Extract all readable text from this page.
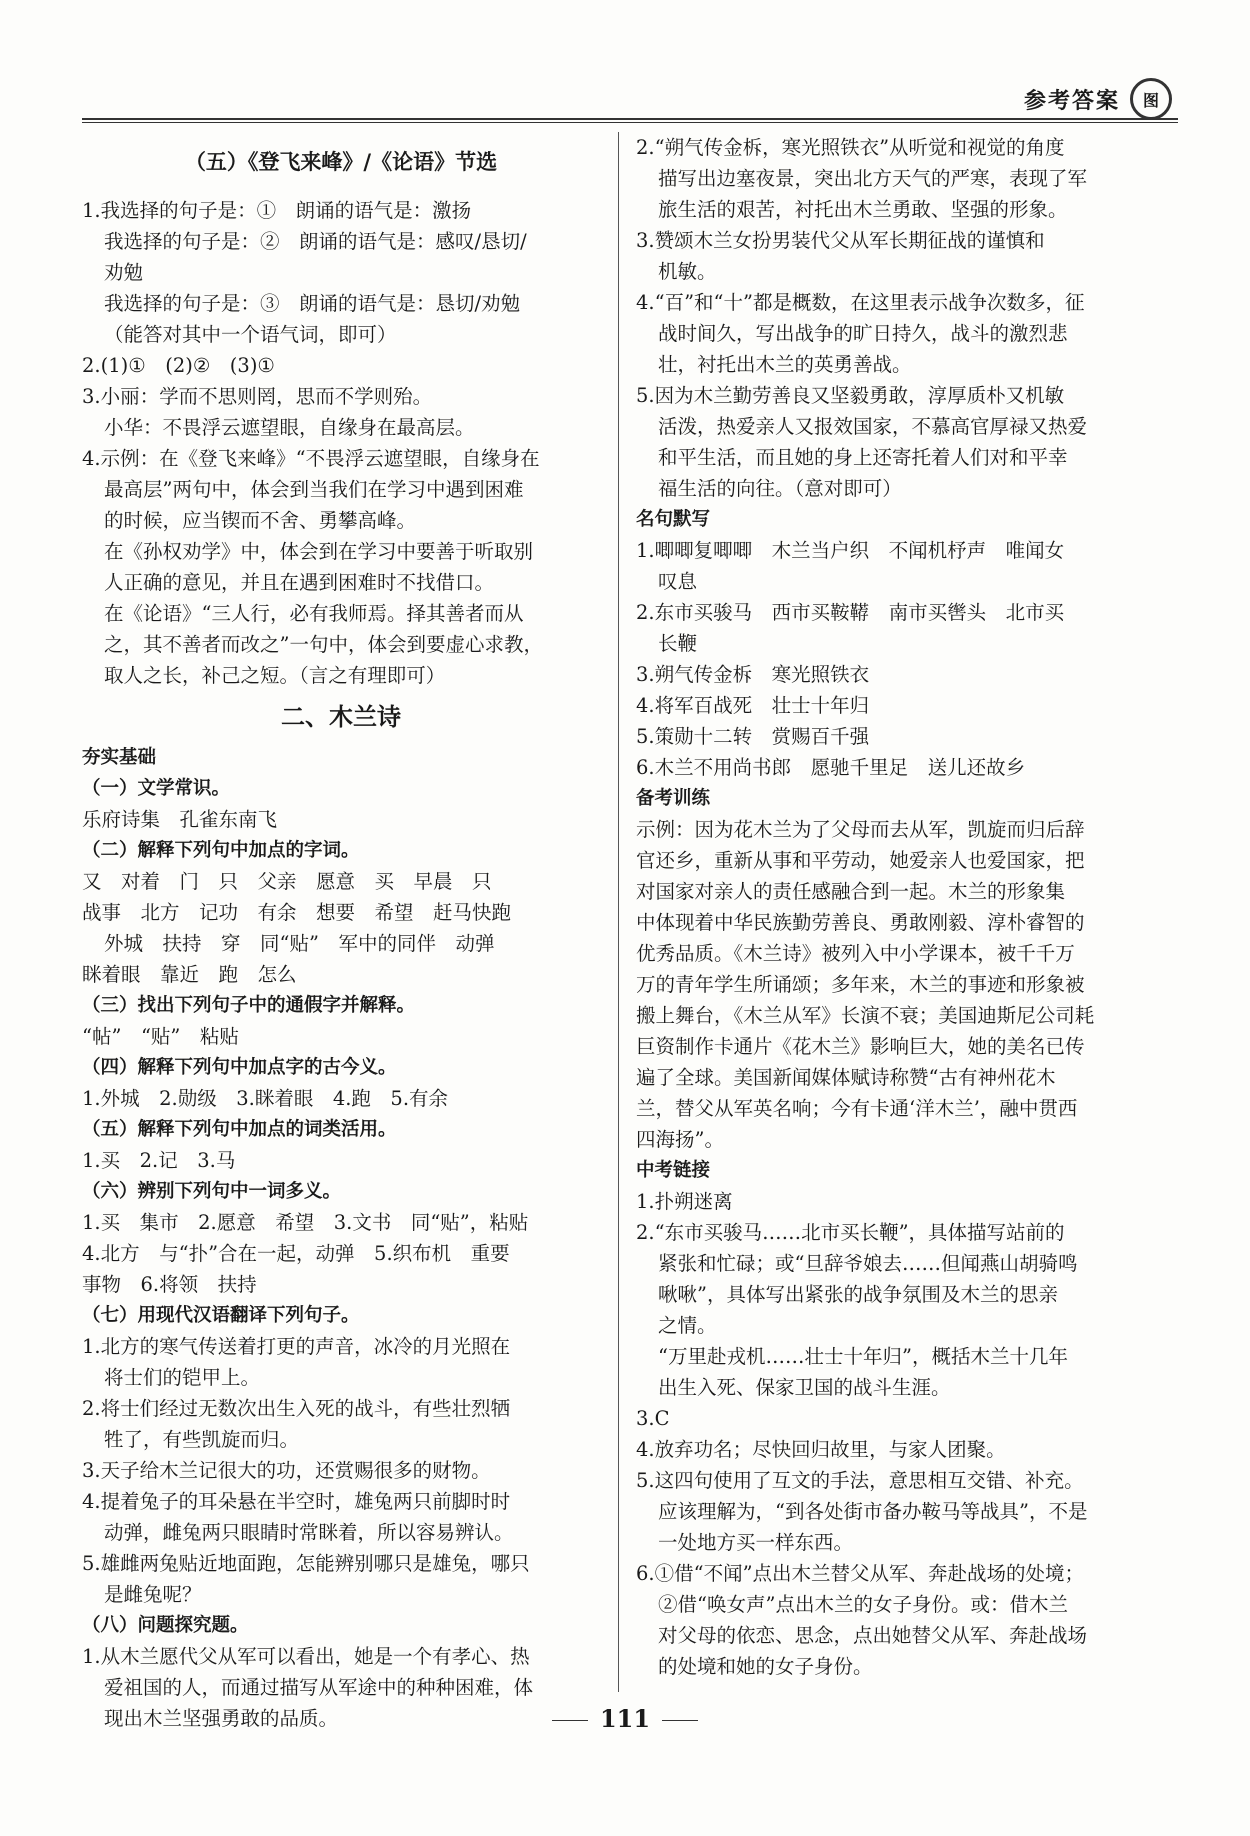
参考答案	图
（五）《登飞来峰》/《论语》节选
1.我选择的句子是：①　朗诵的语气是：激扬
我选择的句子是：②　朗诵的语气是：感叹/恳切/
劝勉
我选择的句子是：③　朗诵的语气是：恳切/劝勉
（能答对其中一个语气词，即可）
2.(1)①　(2)②　(3)①
3.小丽：学而不思则罔，思而不学则殆。
小华：不畏浮云遮望眼，自缘身在最高层。
4.示例：在《登飞来峰》“不畏浮云遮望眼，自缘身在
最高层”两句中，体会到当我们在学习中遇到困难
的时候，应当锲而不舍、勇攀高峰。
在《孙权劝学》中，体会到在学习中要善于听取别
人正确的意见，并且在遇到困难时不找借口。
在《论语》“三人行，必有我师焉。择其善者而从
之，其不善者而改之”一句中，体会到要虚心求教，
取人之长，补己之短。（言之有理即可）
二、木兰诗
夯实基础
（一）文学常识。
乐府诗集　孔雀东南飞
（二）解释下列句中加点的字词。
又　对着　门　只　父亲　愿意　买　早晨　只
战事　北方　记功　有余　想要　希望　赶马快跑
外城　扶持　穿　同“贴”　军中的同伴　动弹
眯着眼　靠近　跑　怎么
（三）找出下列句子中的通假字并解释。
“帖”　“贴”　粘贴
（四）解释下列句中加点字的古今义。
1.外城　2.勋级　3.眯着眼　4.跑　5.有余
（五）解释下列句中加点的词类活用。
1.买　2.记　3.马
（六）辨别下列句中一词多义。
1.买　集市　2.愿意　希望　3.文书　同“贴”，粘贴
4.北方　与“扑”合在一起，动弹　5.织布机　重要
事物　6.将领　扶持
（七）用现代汉语翻译下列句子。
1.北方的寒气传送着打更的声音，冰冷的月光照在
将士们的铠甲上。
2.将士们经过无数次出生入死的战斗，有些壮烈牺
牲了，有些凯旋而归。
3.天子给木兰记很大的功，还赏赐很多的财物。
4.提着兔子的耳朵悬在半空时，雄兔两只前脚时时
动弹，雌兔两只眼睛时常眯着，所以容易辨认。
5.雄雌两兔贴近地面跑，怎能辨别哪只是雄兔，哪只
是雌兔呢？
（八）问题探究题。
1.从木兰愿代父从军可以看出，她是一个有孝心、热
爱祖国的人，而通过描写从军途中的种种困难，体
现出木兰坚强勇敢的品质。
2.“朔气传金柝，寒光照铁衣”从听觉和视觉的角度
描写出边塞夜景，突出北方天气的严寒，表现了军
旅生活的艰苦，衬托出木兰勇敢、坚强的形象。
3.赞颂木兰女扮男装代父从军长期征战的谨慎和
机敏。
4.“百”和“十”都是概数，在这里表示战争次数多，征
战时间久，写出战争的旷日持久，战斗的激烈悲
壮，衬托出木兰的英勇善战。
5.因为木兰勤劳善良又坚毅勇敢，淳厚质朴又机敏
活泼，热爱亲人又报效国家，不慕高官厚禄又热爱
和平生活，而且她的身上还寄托着人们对和平幸
福生活的向往。（意对即可）
名句默写
1.唧唧复唧唧　木兰当户织　不闻机杼声　唯闻女
叹息
2.东市买骏马　西市买鞍鞯　南市买辔头　北市买
长鞭
3.朔气传金柝　寒光照铁衣
4.将军百战死　壮士十年归
5.策勋十二转　赏赐百千强
6.木兰不用尚书郎　愿驰千里足　送儿还故乡
备考训练
示例：因为花木兰为了父母而去从军，凯旋而归后辞
官还乡，重新从事和平劳动，她爱亲人也爱国家，把
对国家对亲人的责任感融合到一起。木兰的形象集
中体现着中华民族勤劳善良、勇敢刚毅、淳朴睿智的
优秀品质。《木兰诗》被列入中小学课本，被千千万
万的青年学生所诵颂；多年来，木兰的事迹和形象被
搬上舞台，《木兰从军》长演不衰；美国迪斯尼公司耗
巨资制作卡通片《花木兰》影响巨大，她的美名已传
遍了全球。美国新闻媒体赋诗称赞“古有神州花木
兰，替父从军英名响；今有卡通‘洋木兰’，融中贯西
四海扬”。
中考链接
1.扑朔迷离
2.“东市买骏马……北市买长鞭”，具体描写站前的
紧张和忙碌；或“旦辞爷娘去……但闻燕山胡骑鸣
啾啾”，具体写出紧张的战争氛围及木兰的思亲
之情。
“万里赴戎机……壮士十年归”，概括木兰十几年
出生入死、保家卫国的战斗生涯。
3.C
4.放弃功名；尽快回归故里，与家人团聚。
5.这四句使用了互文的手法，意思相互交错、补充。
应该理解为，“到各处街市备办鞍马等战具”，不是
一处地方买一样东西。
6.①借“不闻”点出木兰替父从军、奔赴战场的处境；
②借“唤女声”点出木兰的女子身份。或：借木兰
对父母的依恋、思念，点出她替父从军、奔赴战场
的处境和她的女子身份。
111
